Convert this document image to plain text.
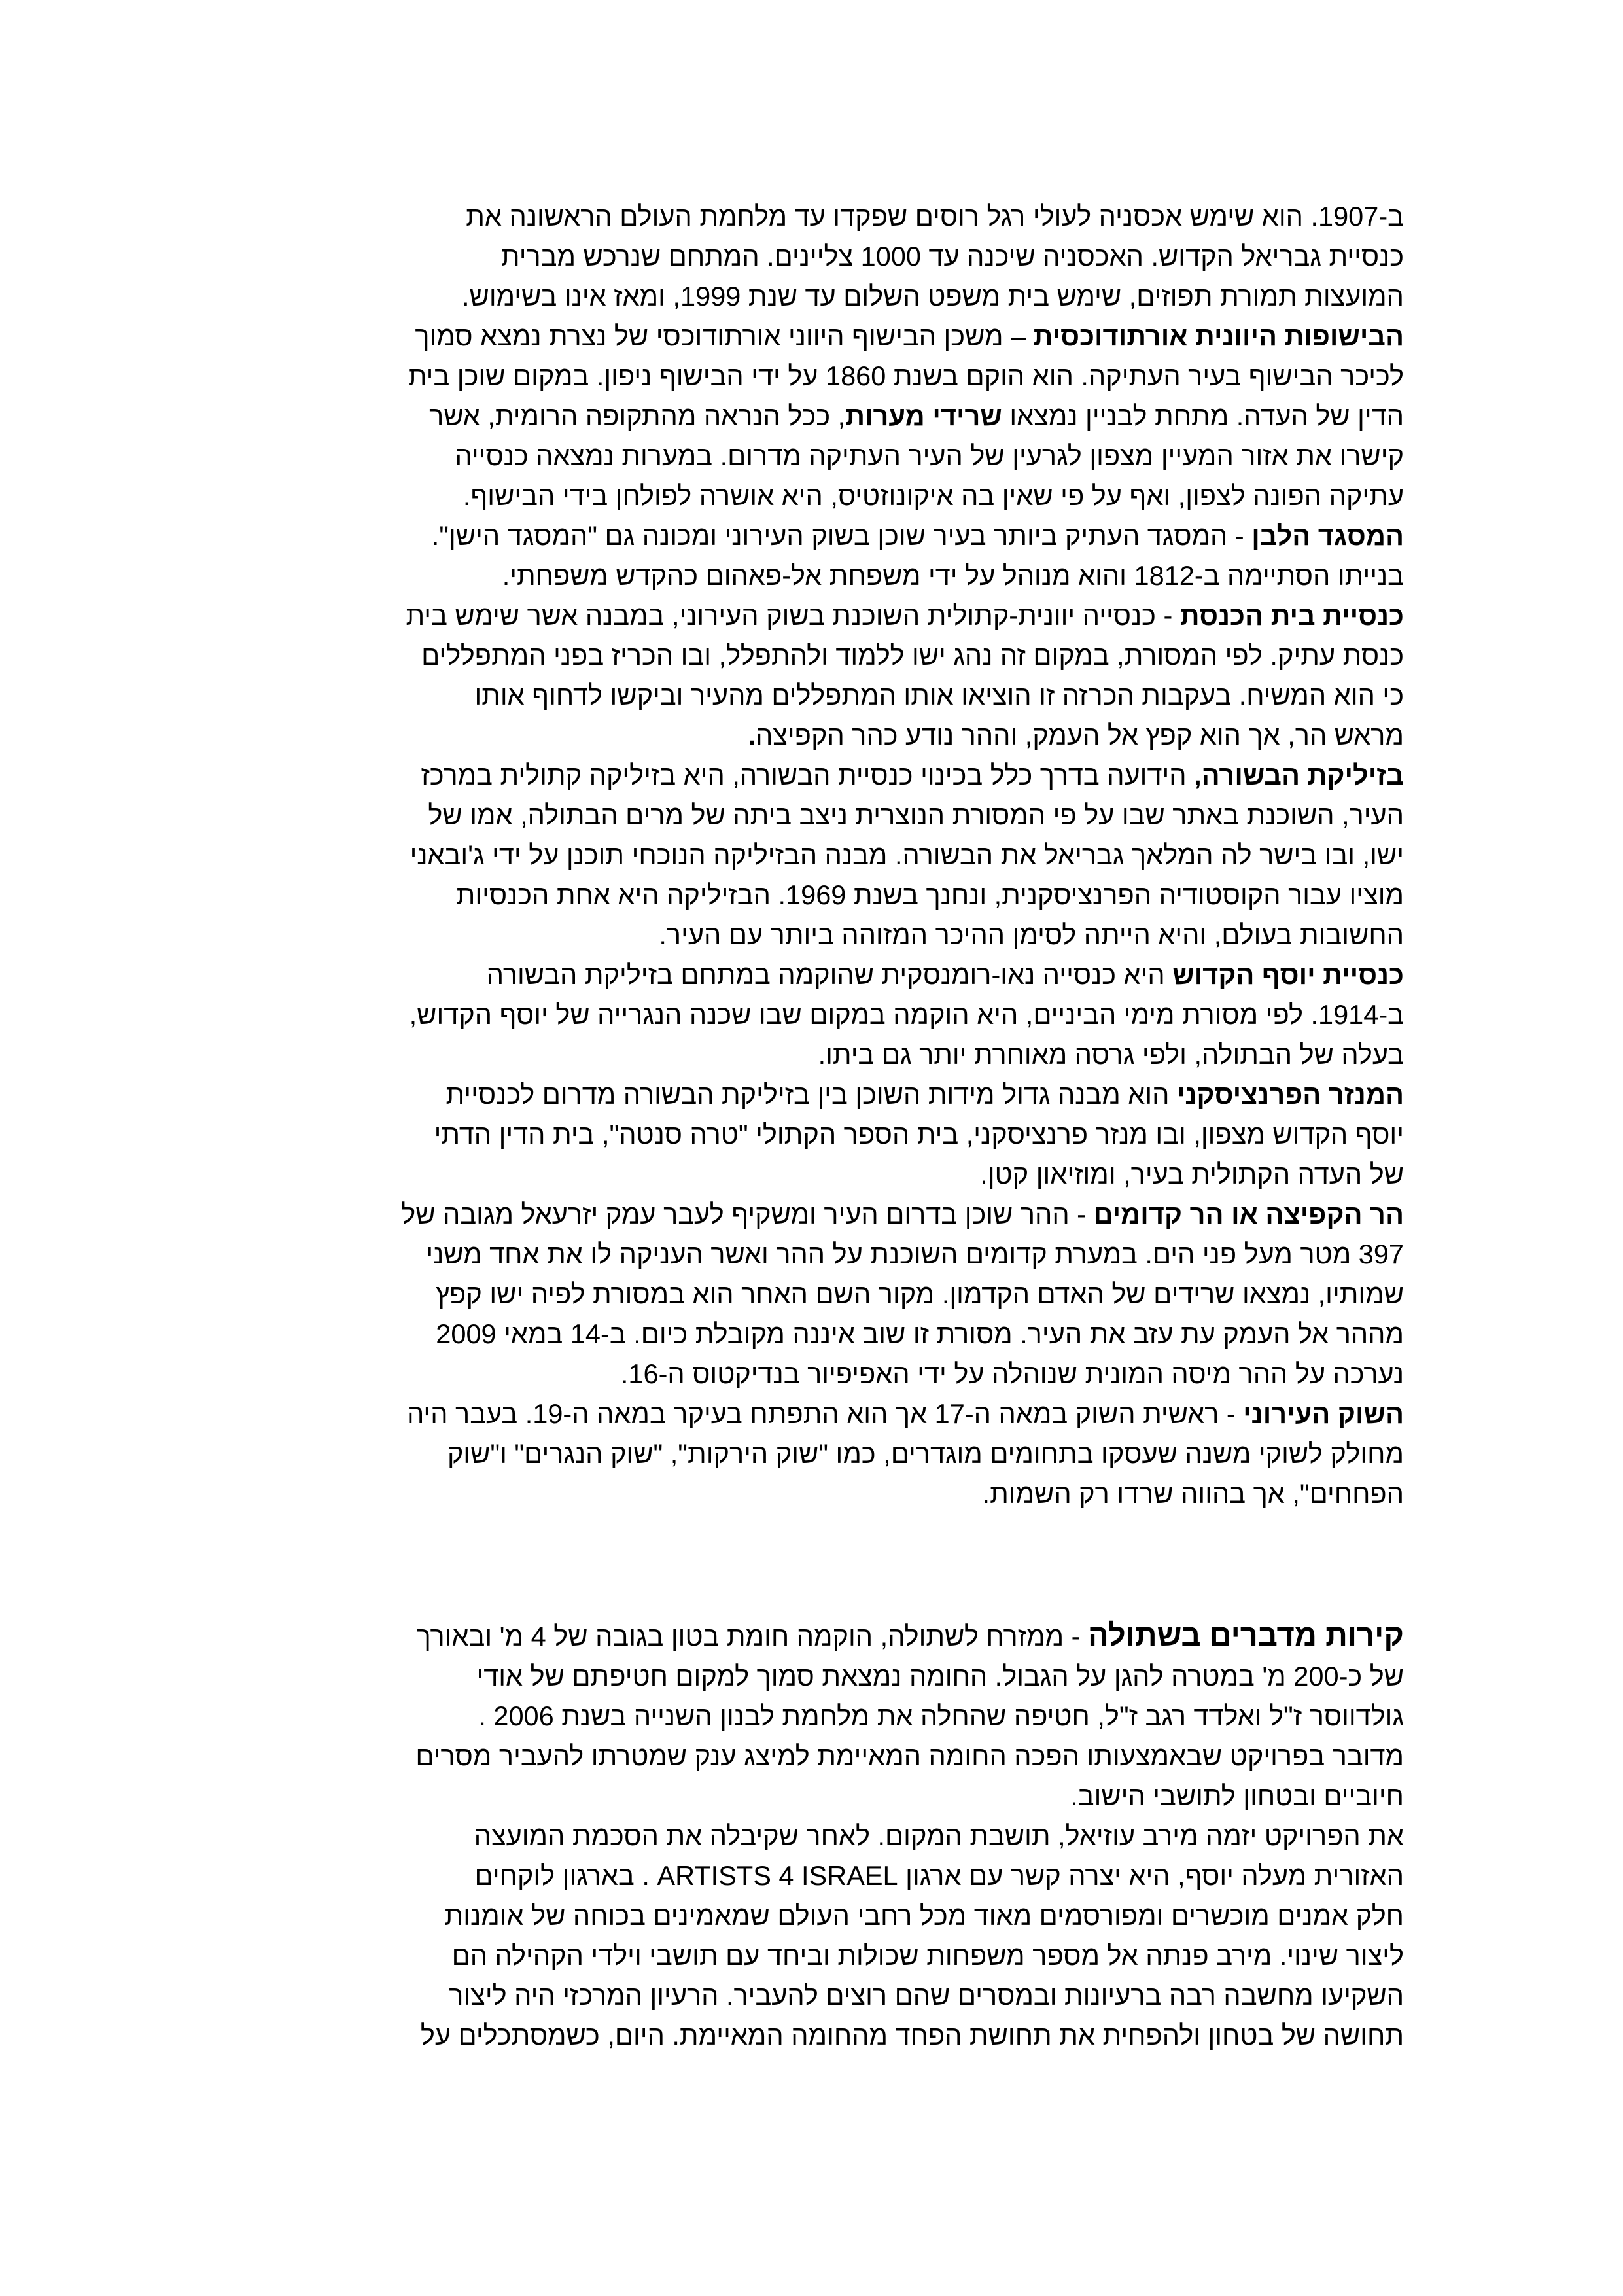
ב-1907. הוא שימש אכסניה לעולי רגל רוסים שפקדו עד מלחמת העולם הראשונה את
כנסיית גבריאל הקדוש. האכסניה שיכנה עד 1000 צליינים. המתחם שנרכש מברית
המועצות תמורת תפוזים, שימש בית משפט השלום עד שנת 1999, ומאז אינו בשימוש.
הבישופות היוונית אורתודוכסית – משכן הבישוף היווני אורתודוכסי של נצרת נמצא סמוך
לכיכר הבישוף בעיר העתיקה. הוא הוקם בשנת 1860 על ידי הבישוף ניפון. במקום שוכן בית
הדין של העדה. מתחת לבניין נמצאו שרידי מערות, ככל הנראה מהתקופה הרומית, אשר
קישרו את אזור המעיין מצפון לגרעין של העיר העתיקה מדרום. במערות נמצאה כנסייה
עתיקה הפונה לצפון, ואף על פי שאין בה איקונוזטיס, היא אושרה לפולחן בידי הבישוף.
המסגד הלבן - המסגד העתיק ביותר בעיר שוכן בשוק העירוני ומכונה גם "המסגד הישן".
בנייתו הסתיימה ב-1812 והוא מנוהל על ידי משפחת אל-פאהום כהקדש משפחתי.
כנסיית בית הכנסת - כנסייה יוונית-קתולית השוכנת בשוק העירוני, במבנה אשר שימש בית
כנסת עתיק. לפי המסורת, במקום זה נהג ישו ללמוד ולהתפלל, ובו הכריז בפני המתפללים
כי הוא המשיח. בעקבות הכרזה זו הוציאו אותו המתפללים מהעיר וביקשו לדחוף אותו
מראש הר, אך הוא קפץ אל העמק, וההר נודע כהר הקפיצה.
בזיליקת הבשורה, הידועה בדרך כלל בכינוי כנסיית הבשורה, היא בזיליקה קתולית במרכז
העיר, השוכנת באתר שבו על פי המסורת הנוצרית ניצב ביתה של מרים הבתולה, אמו של
ישו, ובו בישר לה המלאך גבריאל את הבשורה. מבנה הבזיליקה הנוכחי תוכנן על ידי ג'ובאני
מוציו עבור הקוסטודיה הפרנציסקנית, ונחנך בשנת 1969. הבזיליקה היא אחת הכנסיות
החשובות בעולם, והיא הייתה לסימן ההיכר המזוהה ביותר עם העיר.
כנסיית יוסף הקדוש היא כנסייה נאו-רומנסקית שהוקמה במתחם בזיליקת הבשורה
ב-1914. לפי מסורת מימי הביניים, היא הוקמה במקום שבו שכנה הנגרייה של יוסף הקדוש,
בעלה של הבתולה, ולפי גרסה מאוחרת יותר גם ביתו.
המנזר הפרנציסקני הוא מבנה גדול מידות השוכן בין בזיליקת הבשורה מדרום לכנסיית
יוסף הקדוש מצפון, ובו מנזר פרנציסקני, בית הספר הקתולי "טרה סנטה", בית הדין הדתי
של העדה הקתולית בעיר, ומוזיאון קטן.
הר הקפיצה או הר קדומים - ההר שוכן בדרום העיר ומשקיף לעבר עמק יזרעאל מגובה של
397 מטר מעל פני הים. במערת קדומים השוכנת על ההר ואשר העניקה לו את אחד משני
שמותיו, נמצאו שרידים של האדם הקדמון. מקור השם האחר הוא במסורת לפיה ישו קפץ
מההר אל העמק עת עזב את העיר. מסורת זו שוב איננה מקובלת כיום. ב-14 במאי 2009
נערכה על ההר מיסה המונית שנוהלה על ידי האפיפיור בנדיקטוס ה-16.
השוק העירוני - ראשית השוק במאה ה-17 אך הוא התפתח בעיקר במאה ה-19. בעבר היה
מחולק לשוקי משנה שעסקו בתחומים מוגדרים, כמו "שוק הירקות", "שוק הנגרים" ו"שוק
הפחחים", אך בהווה שרדו רק השמות.
קירות מדברים בשתולה - ממזרח לשתולה, הוקמה חומת בטון בגובה של 4 מ' ובאורך
של כ-200 מ' במטרה להגן על הגבול. החומה נמצאת סמוך למקום חטיפתם של אודי
גולדווסר ז"ל ואלדד רגב ז"ל, חטיפה שהחלה את מלחמת לבנון השנייה בשנת 2006 .
מדובר בפרויקט שבאמצעותו הפכה החומה המאיימת למיצג ענק שמטרתו להעביר מסרים
חיוביים ובטחון לתושבי הישוב.
את הפרויקט יזמה מירב עוזיאל, תושבת המקום. לאחר שקיבלה את הסכמת המועצה
האזורית מעלה יוסף, היא יצרה קשר עם ארגון ARTISTS 4 ISRAEL . בארגון לוקחים
חלק אמנים מוכשרים ומפורסמים מאוד מכל רחבי העולם שמאמינים בכוחה של אומנות
ליצור שינוי. מירב פנתה אל מספר משפחות שכולות וביחד עם תושבי וילדי הקהילה הם
השקיעו מחשבה רבה ברעיונות ובמסרים שהם רוצים להעביר. הרעיון המרכזי היה ליצור
תחושה של בטחון ולהפחית את תחושת הפחד מהחומה המאיימת. היום, כשמסתכלים על
